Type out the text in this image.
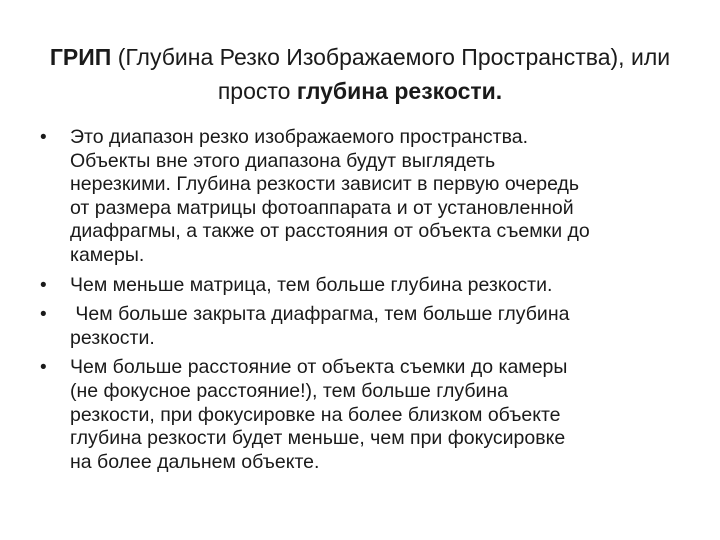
ГРИП (Глубина Резко Изображаемого Пространства), или
просто глубина резкости.
•	Это диапазон резко изображаемого пространства.
Объекты вне этого диапазона будут выглядеть
нерезкими. Глубина резкости зависит в первую очередь
от размера матрицы фотоаппарата и от установленной
диафрагмы, а также от расстояния от объекта съемки до
камеры.
•	Чем меньше матрица, тем больше глубина резкости.
•	Чем больше закрыта диафрагма, тем больше глубина
резкости.
•	Чем больше расстояние от объекта съемки до камеры
(не фокусное расстояние!), тем больше глубина
резкости, при фокусировке на более близком объекте
глубина резкости будет меньше, чем при фокусировке
на более дальнем объекте.
